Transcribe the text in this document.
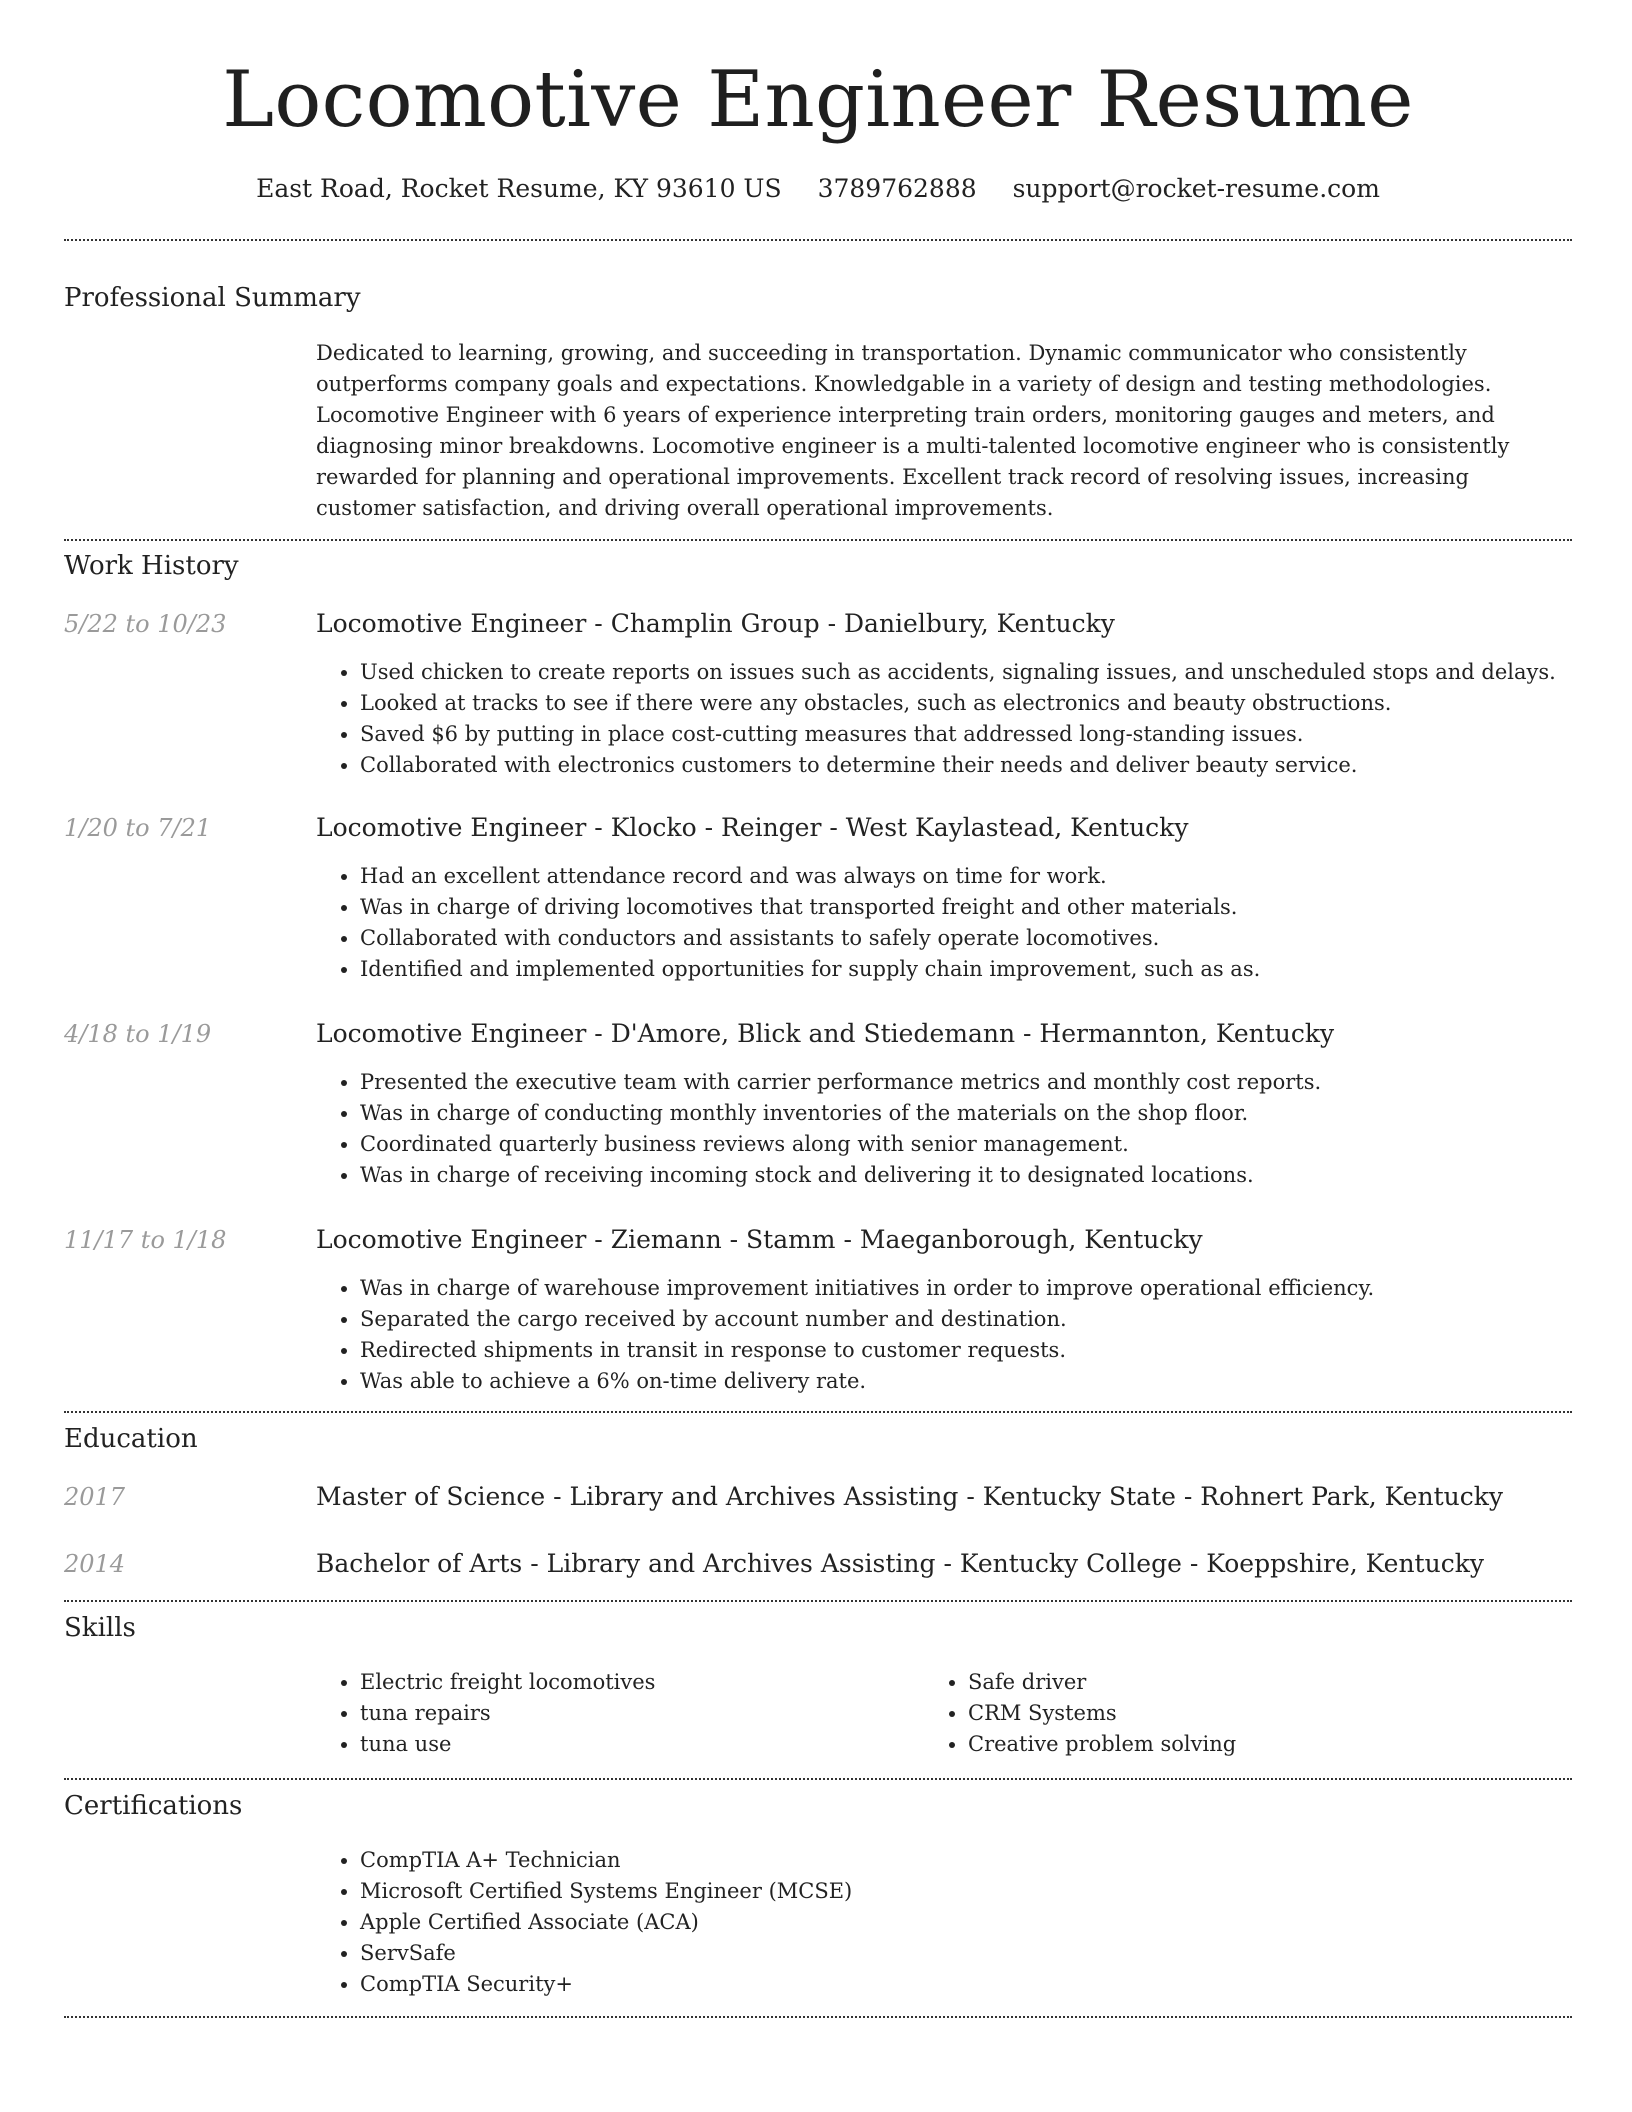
Locomotive Engineer Resume
East Road, Rocket Resume, KY 93610 US 3789762888 support@rocket-resume.com
Professional Summary
Dedicated to learning, growing, and succeeding in transportation. Dynamic communicator who consistently outperforms company goals and expectations. Knowledgable in a variety of design and testing methodologies. Locomotive Engineer with 6 years of experience interpreting train orders, monitoring gauges and meters, and diagnosing minor breakdowns. Locomotive engineer is a multi-talented locomotive engineer who is consistently rewarded for planning and operational improvements. Excellent track record of resolving issues, increasing customer satisfaction, and driving overall operational improvements.
Work History
5/22 to 10/23	Locomotive Engineer - Champlin Group - Danielbury, Kentucky
• Used chicken to create reports on issues such as accidents, signaling issues, and unscheduled stops and delays.
• Looked at tracks to see if there were any obstacles, such as electronics and beauty obstructions.
• Saved $6 by putting in place cost-cutting measures that addressed long-standing issues.
• Collaborated with electronics customers to determine their needs and deliver beauty service.
1/20 to 7/21	Locomotive Engineer - Klocko - Reinger - West Kaylastead, Kentucky
• Had an excellent attendance record and was always on time for work.
• Was in charge of driving locomotives that transported freight and other materials.
• Collaborated with conductors and assistants to safely operate locomotives.
• Identified and implemented opportunities for supply chain improvement, such as as.
4/18 to 1/19	Locomotive Engineer - D'Amore, Blick and Stiedemann - Hermannton, Kentucky
• Presented the executive team with carrier performance metrics and monthly cost reports.
• Was in charge of conducting monthly inventories of the materials on the shop floor.
• Coordinated quarterly business reviews along with senior management.
• Was in charge of receiving incoming stock and delivering it to designated locations.
11/17 to 1/18	Locomotive Engineer - Ziemann - Stamm - Maeganborough, Kentucky
• Was in charge of warehouse improvement initiatives in order to improve operational efficiency.
• Separated the cargo received by account number and destination.
• Redirected shipments in transit in response to customer requests.
• Was able to achieve a 6% on-time delivery rate.
Education
2017	Master of Science - Library and Archives Assisting - Kentucky State - Rohnert Park, Kentucky
2014	Bachelor of Arts - Library and Archives Assisting - Kentucky College - Koeppshire, Kentucky
Skills
• Electric freight locomotives
• tuna repairs
• tuna use
• Safe driver
• CRM Systems
• Creative problem solving
Certifications
• CompTIA A+ Technician
• Microsoft Certified Systems Engineer (MCSE)
• Apple Certified Associate (ACA)
• ServSafe
• CompTIA Security+
